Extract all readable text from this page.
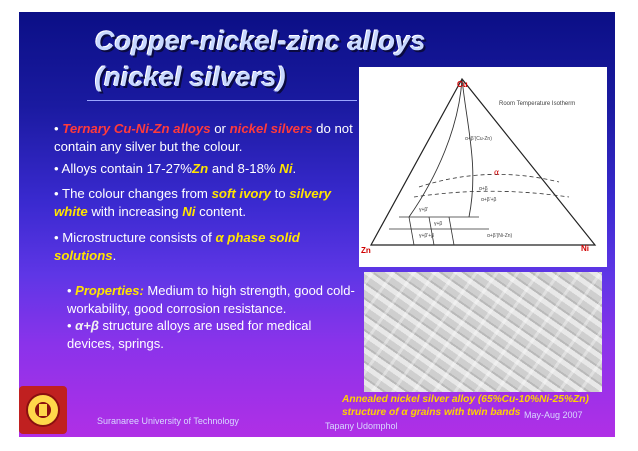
Copper-nickel-zinc alloys
(nickel silvers)
• Ternary Cu-Ni-Zn alloys or nickel silvers do not contain any silver but the colour.
• Alloys contain 17-27%Zn and 8-18% Ni.
• The colour changes from soft ivory to silvery white with increasing Ni content.
• Microstructure consists of α phase solid solutions.
• Properties: Medium to high strength, good cold-workability, good corrosion resistance.
• α+β structure alloys are used for medical devices, springs.
Cu
Zn	Ni
Room Temperature Isotherm
α
α+β'(Cu-Zn)
α+β
α+β'+β
γ+β'
γ+β
γ+β'+β	α+β'(Ni-Zn)
Annealed nickel silver alloy (65%Cu-10%Ni-25%Zn) structure of α grains with twin bands
Suranaree University of Technology	Tapany Udomphol
May-Aug 2007
